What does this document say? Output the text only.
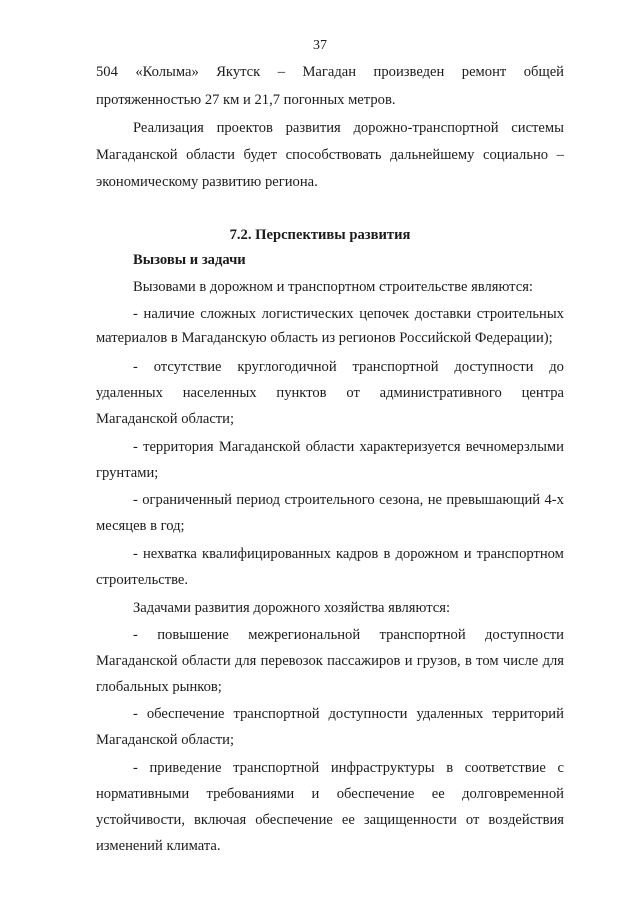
37
504 «Колыма» Якутск – Магадан произведен ремонт общей
протяженностью 27 км и 21,7 погонных метров.
Реализация проектов развития дорожно-транспортной системы
Магаданской области будет способствовать дальнейшему социально –
экономическому развитию региона.
7.2. Перспективы развития
Вызовы и задачи
Вызовами в дорожном и транспортном строительстве являются:
- наличие сложных логистических цепочек доставки строительных
материалов в Магаданскую область из регионов Российской Федерации);
- отсутствие круглогодичной транспортной доступности до
удаленных населенных пунктов от административного центра
Магаданской области;
- территория Магаданской области характеризуется вечномерзлыми
грунтами;
- ограниченный период строительного сезона, не превышающий 4-х
месяцев в год;
- нехватка квалифицированных кадров в дорожном и транспортном
строительстве.
Задачами развития дорожного хозяйства являются:
- повышение межрегиональной транспортной доступности
Магаданской области для перевозок пассажиров и грузов, в том числе для
глобальных рынков;
- обеспечение транспортной доступности удаленных территорий
Магаданской области;
- приведение транспортной инфраструктуры в соответствие с
нормативными требованиями и обеспечение ее долговременной
устойчивости, включая обеспечение ее защищенности от воздействия
изменений климата.
